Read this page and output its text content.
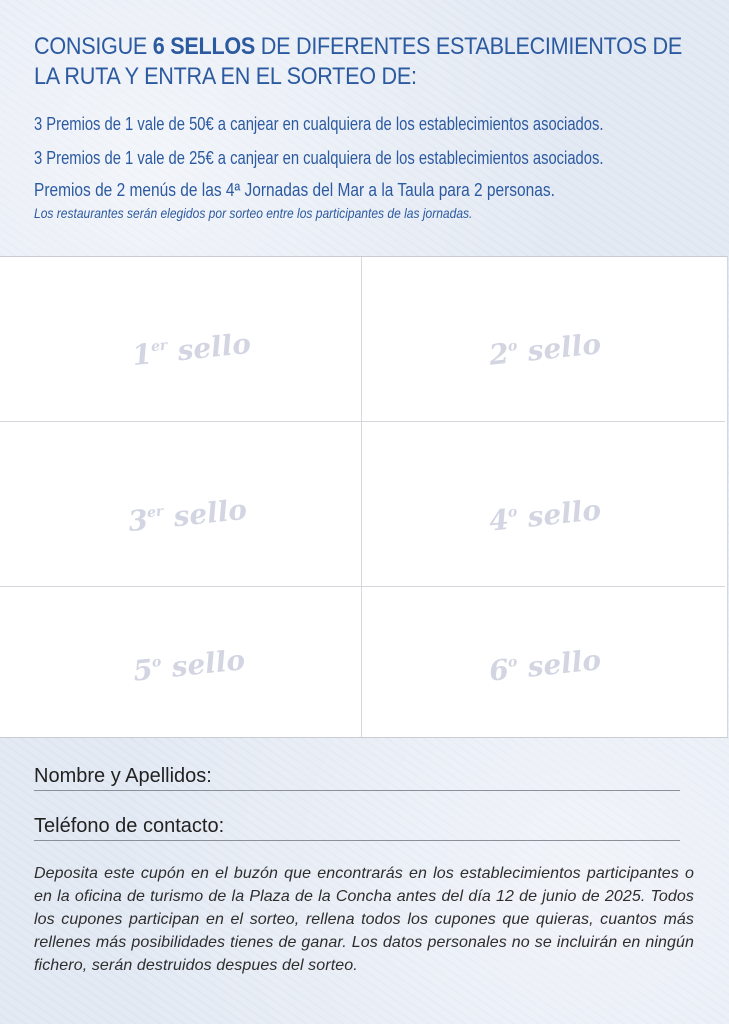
CONSIGUE 6 SELLOS DE DIFERENTES ESTABLECIMIENTOS DE LA RUTA Y ENTRA EN EL SORTEO DE:

3 Premios de 1 vale de 50€ a canjear en cualquiera de los establecimientos asociados.

3 Premios de 1 vale de 25€ a canjear en cualquiera de los establecimientos asociados.

Premios de 2 menús de las 4ª Jornadas del Mar a la Taula para 2 personas.

Los restaurantes serán elegidos por sorteo entre los participantes de las jornadas.

1er sello	2$^o$ sello
3er sello	4$^o$ sello
5$^o$ sello	6$^o$ sello
Nombre y Apellidos:
Teléfono de contacto:
Deposita este cupón en el buzón que encontrarás en los establecimientos participantes o en la oficina de turismo de la Plaza de la Concha antes del día 12 de junio de 2025. Todos los cupones participan en el sorteo, rellena todos los cupones que quieras, cuantos más rellenes más posibilidades tienes de ganar. Los datos personales no se incluirán en ningún fichero, serán destruidos despues del sorteo.
